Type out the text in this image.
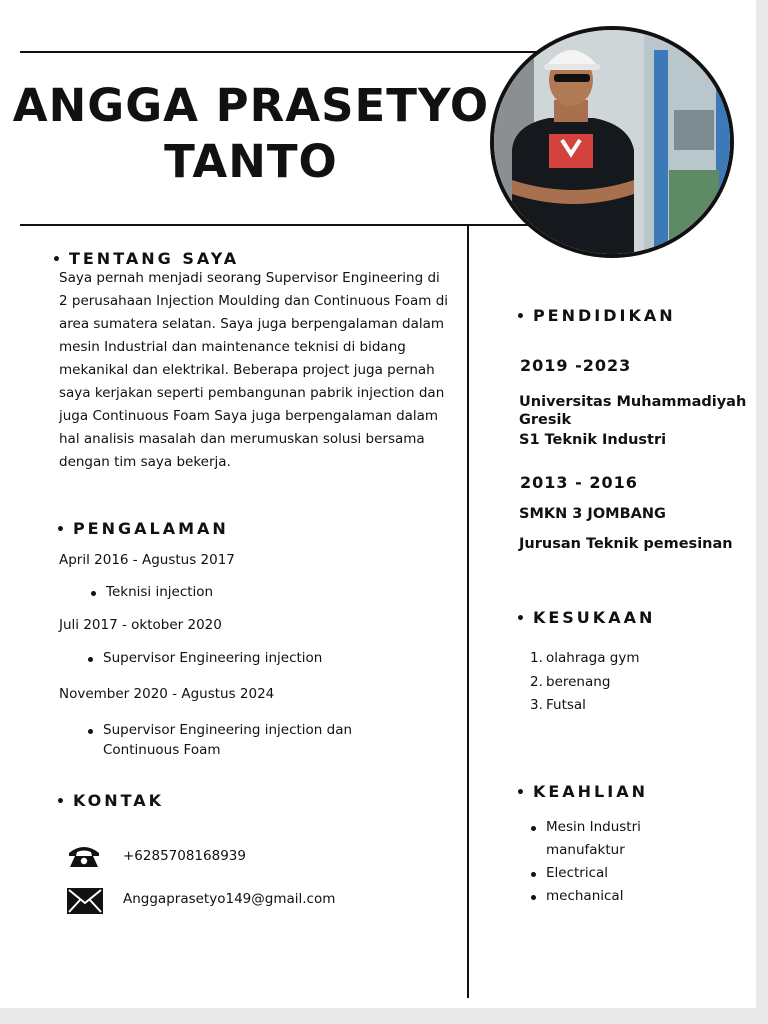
ANGGA PRASETYO
TANTO
• TENTANG SAYA
Saya pernah menjadi seorang Supervisor Engineering di 2 perusahaan Injection Moulding dan Continuous Foam di area sumatera selatan. Saya juga berpengalaman dalam mesin Industrial dan maintenance teknisi di bidang mekanikal dan elektrikal. Beberapa project juga pernah saya kerjakan seperti pembangunan pabrik injection dan juga Continuous Foam Saya juga berpengalaman dalam hal analisis masalah dan merumuskan solusi bersama dengan tim saya bekerja.
• PENGALAMAN
April 2016 - Agustus 2017
Teknisi injection
Juli 2017 - oktober 2020
Supervisor Engineering injection
November 2020 - Agustus 2024
Supervisor Engineering injection dan
Continuous Foam
• KONTAK
+6285708168939
Anggaprasetyo149@gmail.com
• PENDIDIKAN
2019 -2023
Universitas Muhammadiyah
Gresik
S1 Teknik Industri
2013 - 2016
SMKN 3 JOMBANG
Jurusan Teknik pemesinan
• KESUKAAN
1. olahraga gym
2. berenang
3. Futsal
• KEAHLIAN
Mesin Industri
manufaktur
Electrical
mechanical
